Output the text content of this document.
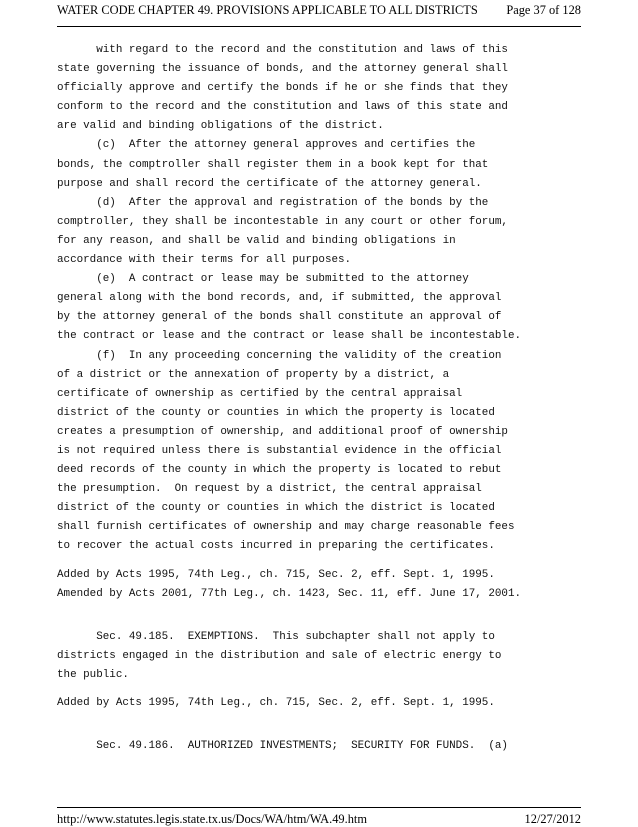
WATER CODE CHAPTER 49. PROVISIONS APPLICABLE TO ALL DISTRICTS Page 37 of 128
with regard to the record and the constitution and laws of this
state governing the issuance of bonds, and the attorney general shall
officially approve and certify the bonds if he or she finds that they
conform to the record and the constitution and laws of this state and
are valid and binding obligations of the district.
(c)  After the attorney general approves and certifies the
bonds, the comptroller shall register them in a book kept for that
purpose and shall record the certificate of the attorney general.
(d)  After the approval and registration of the bonds by the
comptroller, they shall be incontestable in any court or other forum,
for any reason, and shall be valid and binding obligations in
accordance with their terms for all purposes.
(e)  A contract or lease may be submitted to the attorney
general along with the bond records, and, if submitted, the approval
by the attorney general of the bonds shall constitute an approval of
the contract or lease and the contract or lease shall be incontestable.
(f)  In any proceeding concerning the validity of the creation
of a district or the annexation of property by a district, a
certificate of ownership as certified by the central appraisal
district of the county or counties in which the property is located
creates a presumption of ownership, and additional proof of ownership
is not required unless there is substantial evidence in the official
deed records of the county in which the property is located to rebut
the presumption.  On request by a district, the central appraisal
district of the county or counties in which the district is located
shall furnish certificates of ownership and may charge reasonable fees
to recover the actual costs incurred in preparing the certificates.
Added by Acts 1995, 74th Leg., ch. 715, Sec. 2, eff. Sept. 1, 1995.
Amended by Acts 2001, 77th Leg., ch. 1423, Sec. 11, eff. June 17, 2001.
Sec. 49.185.  EXEMPTIONS.  This subchapter shall not apply to
districts engaged in the distribution and sale of electric energy to
the public.
Added by Acts 1995, 74th Leg., ch. 715, Sec. 2, eff. Sept. 1, 1995.
Sec. 49.186.  AUTHORIZED INVESTMENTS;  SECURITY FOR FUNDS.  (a)
http://www.statutes.legis.state.tx.us/Docs/WA/htm/WA.49.htm	12/27/2012
